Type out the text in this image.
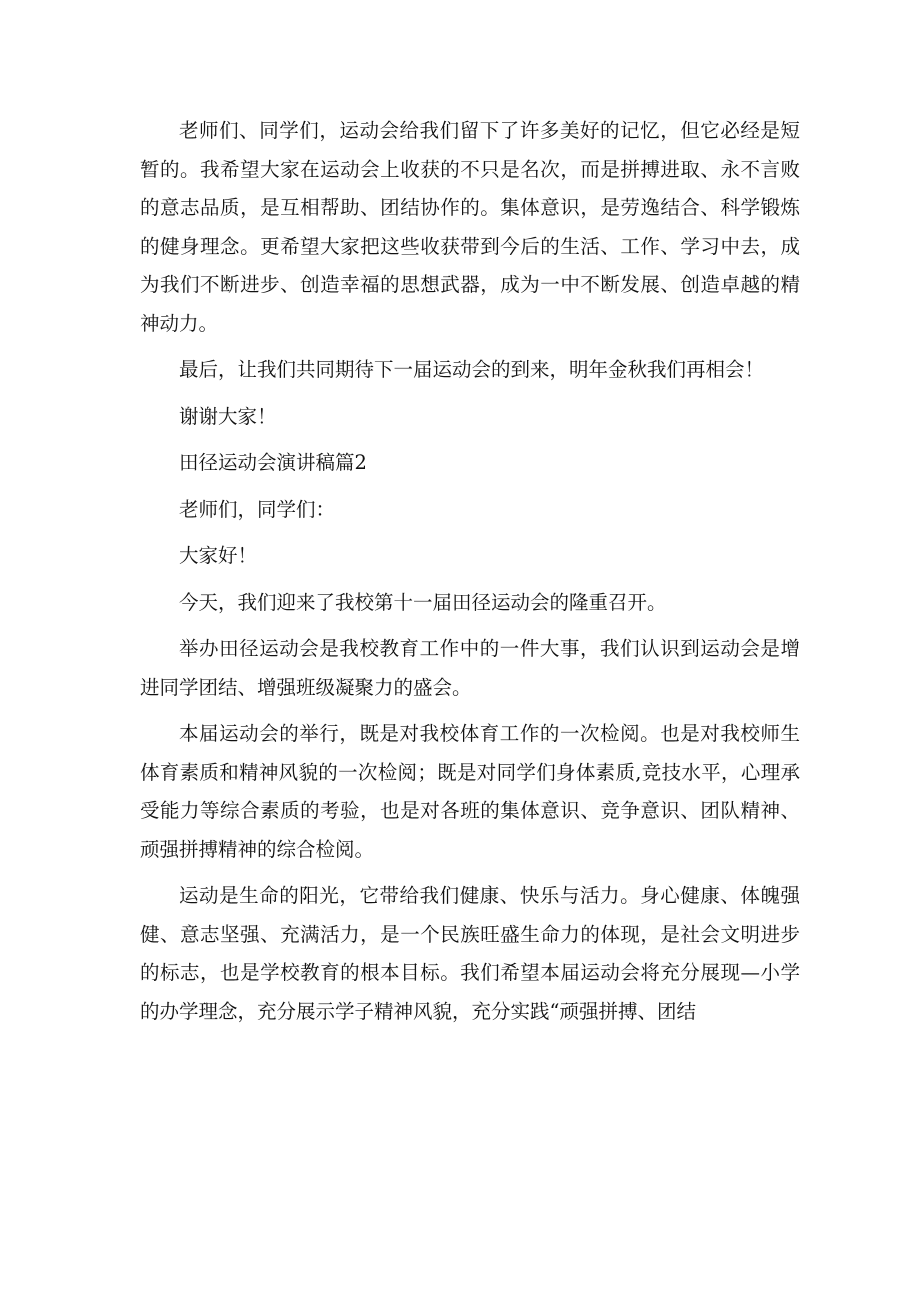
老师们、同学们，运动会给我们留下了许多美好的记忆，但它必经是短暂的。我希望大家在运动会上收获的不只是名次，而是拼搏进取、永不言败的意志品质，是互相帮助、团结协作的。集体意识，是劳逸结合、科学锻炼的健身理念。更希望大家把这些收获带到今后的生活、工作、学习中去，成为我们不断进步、创造幸福的思想武器，成为一中不断发展、创造卓越的精神动力。

最后，让我们共同期待下一届运动会的到来，明年金秋我们再相会！

谢谢大家！

田径运动会演讲稿篇2

老师们，同学们：

大家好！

今天，我们迎来了我校第十一届田径运动会的隆重召开。

举办田径运动会是我校教育工作中的一件大事，我们认识到运动会是增进同学团结、增强班级凝聚力的盛会。

本届运动会的举行，既是对我校体育工作的一次检阅。也是对我校师生体育素质和精神风貌的一次检阅；既是对同学们身体素质,竞技水平，心理承受能力等综合素质的考验，也是对各班的集体意识、竞争意识、团队精神、顽强拼搏精神的综合检阅。

运动是生命的阳光，它带给我们健康、快乐与活力。身心健康、体魄强健、意志坚强、充满活力，是一个民族旺盛生命力的体现，是社会文明进步的标志，也是学校教育的根本目标。我们希望本届运动会将充分展现—小学的办学理念，充分展示学子精神风貌，充分实践“顽强拼搏、团结
